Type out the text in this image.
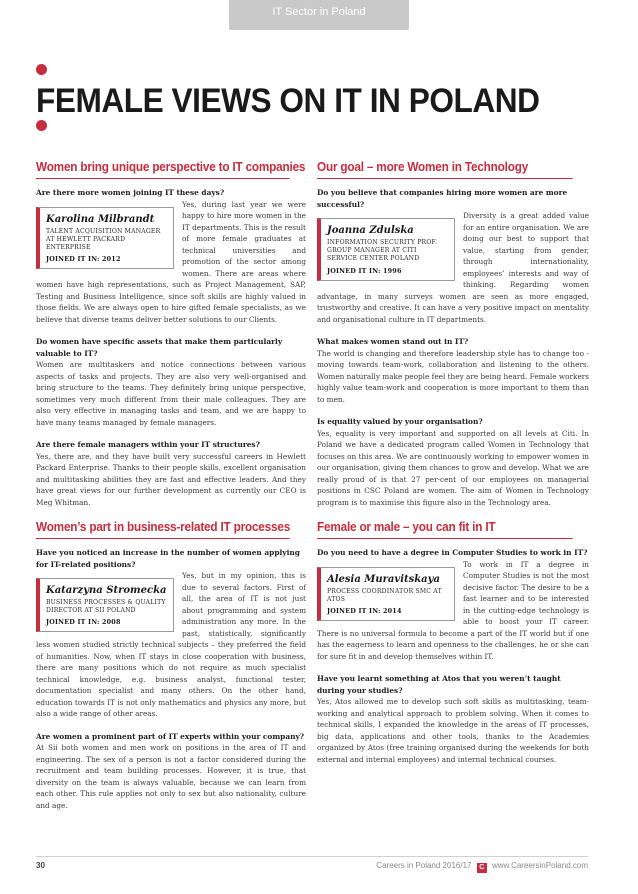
IT Sector in Poland
FEMALE VIEWS ON IT IN POLAND
Women bring unique perspective to IT companies
Are there more women joining IT these days?
Karolina Milbrandt
TALENT ACQUISITION MANAGER AT HEWLETT PACKARD ENTERPRISE
JOINED IT IN: 2012
Yes, during last year we were happy to hire more women in the IT departments. This is the result of more female graduates at technical universities and promotion of the sector among women. There are areas where women have high representations, such as Project Management, SAP, Testing and Business Intelligence, since soft skills are highly valued in those fields. We are always open to hire gifted female specialists, as we believe that diverse teams deliver better solutions to our Clients.
Do women have specific assets that make them particularly valuable to IT?
Women are multitaskers and notice connections between various aspects of tasks and projects. They are also very well-organised and bring structure to the teams. They definitely bring unique perspective, sometimes very much different from their male colleagues. They are also very effective in managing tasks and team, and we are happy to have many teams managed by female managers.
Are there female managers within your IT structures?
Yes, there are, and they have built very successful careers in Hewlett Packard Enterprise. Thanks to their people skills, excellent organisation and multitasking abilities they are fast and effective leaders. And they have great views for our further development as currently our CEO is Meg Whitman.
Women’s part in business-related IT processes
Have you noticed an increase in the number of women applying for IT-related positions?
Katarzyna Stromecka
BUSINESS PROCESSES & QUALITY DIRECTOR AT SII POLAND
JOINED IT IN: 2008
Yes, but in my opinion, this is due to several factors. First of all, the area of IT is not just about programming and system administration any more. In the past, statistically, significantly less women studied strictly technical subjects – they preferred the field of humanities. Now, when IT stays in close cooperation with business, there are many positions which do not require as much specialist technical knowledge, e.g. business analyst, functional tester, documentation specialist and many others. On the other hand, education towards IT is not only mathematics and physics any more, but also a wide range of other areas.
Are women a prominent part of IT experts within your company?
At Sii both women and men work on positions in the area of IT and engineering. The sex of a person is not a factor considered during the recruitment and team building processes. However, it is true, that diversity on the team is always valuable, because we can learn from each other. This rule applies not only to sex but also nationality, culture and age.
Our goal – more Women in Technology
Do you believe that companies hiring more women are more successful?
Joanna Zdulska
INFORMATION SECURITY PROF. GROUP MANAGER AT CITI SERVICE CENTER POLAND
JOINED IT IN: 1996
Diversity is a great added value for an entire organisation. We are doing our best to support that value, starting from gender, through internationality, employees’ interests and way of thinking. Regarding women advantage, in many surveys women are seen as more engaged, trustworthy and creative. It can have a very positive impact on mentality and organisational culture in IT departments.
What makes women stand out in IT?
The world is changing and therefore leadership style has to change too - moving towards team-work, collaboration and listening to the others. Women naturally make people feel they are being heard. Female workers highly value team-work and cooperation is more important to them than to men.
Is equality valued by your organisation?
Yes, equality is very important and supported on all levels at Citi. In Poland we have a dedicated program called Women in Technology that focuses on this area. We are continuously working to empower women in our organisation, giving them chances to grow and develop. What we are really proud of is that 27 per-cent of our employees on managerial positions in CSC Poland are women. The aim of Women in Technology program is to maximise this figure also in the Technology area.
Female or male – you can fit in IT
Do you need to have a degree in Computer Studies to work in IT?
Alesia Muravitskaya
PROCESS COORDINATOR SMC AT ATOS
JOINED IT IN: 2014
To work in IT a degree in Computer Studies is not the most decisive factor. The desire to be a fast learner and to be interested in the cutting-edge technology is able to boost your IT career. There is no universal formula to become a part of the IT world but if one has the eagerness to learn and openness to the challenges, he or she can for sure fit in and develop themselves within IT.
Have you learnt something at Atos that you weren’t taught during your studies?
Yes, Atos allowed me to develop such soft skills as multitasking, team-working and analytical approach to problem solving. When it comes to technical skills, I expanded the knowledge in the areas of IT processes, big data, applications and other tools, thanks to the Academies organized by Atos (free training organised during the weekends for both external and internal employees) and internal technical courses.
30	Careers in Poland 2016/17 C www.CareersinPoland.com
